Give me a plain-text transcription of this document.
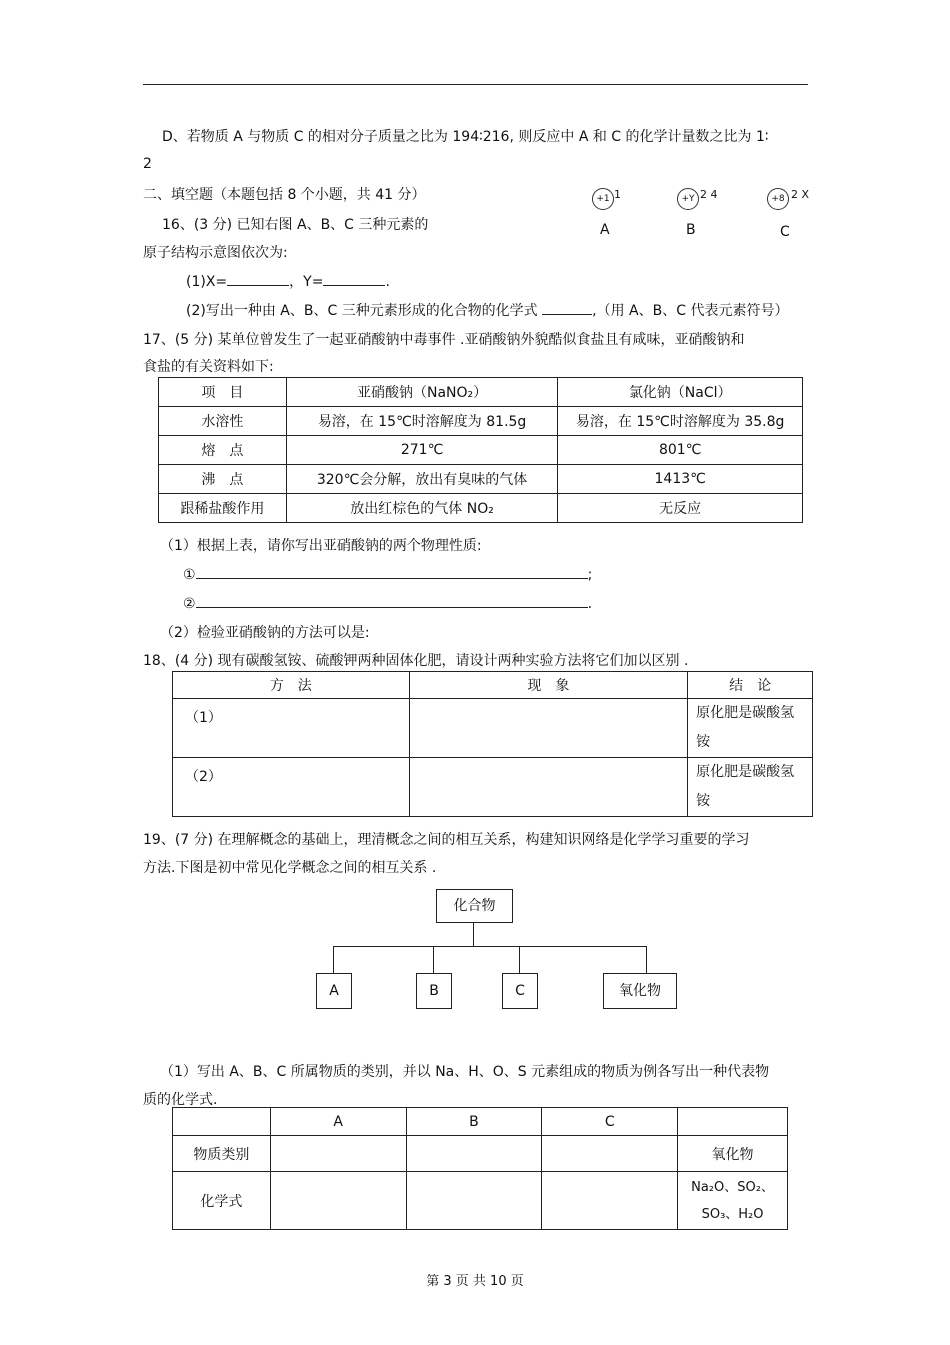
D、若物质 A 与物质 C 的相对分子质量之比为 194∶216, 则反应中 A 和 C 的化学计量数之比为 1∶
2
二、填空题（本题包括 8 个小题，共 41 分）
16、(3 分) 已知右图 A、B、C 三种元素的
原子结构示意图依次为:
+1 1
A
+Y 2 4
B
+8 2 X
C
(1)X=	，Y=	.
(2)写出一种由 A、B、C 三种元素形成的化合物的化学式	,（用 A、B、C 代表元素符号）
17、(5 分) 某单位曾发生了一起亚硝酸钠中毒事件 .亚硝酸钠外貌酷似食盐且有咸味，亚硝酸钠和
食盐的有关资料如下:
项　目	亚硝酸钠（NaNO₂）	氯化钠（NaCl）
水溶性	易溶，在 15℃时溶解度为 81.5g	易溶，在 15℃时溶解度为 35.8g
熔　点	271℃	801℃
沸　点	320℃会分解，放出有臭味的气体	1413℃
跟稀盐酸作用	放出红棕色的气体 NO₂	无反应
（1）根据上表，请你写出亚硝酸钠的两个物理性质:
①	;
②	.
（2）检验亚硝酸钠的方法可以是:
18、(4 分) 现有碳酸氢铵、硫酸钾两种固体化肥，请设计两种实验方法将它们加以区别 .
方　法	现　象	结　论
（1）		原化肥是碳酸氢
铵
（2）		原化肥是碳酸氢
铵
19、(7 分) 在理解概念的基础上，理清概念之间的相互关系，构建知识网络是化学学习重要的学习
方法.下图是初中常见化学概念之间的相互关系 .
化合物
A	B	C	氧化物
（1）写出 A、B、C 所属物质的类别，并以 Na、H、O、S 元素组成的物质为例各写出一种代表物
质的化学式.
	A	B	C	
物质类别				氧化物
化学式				Na₂O、SO₂、
SO₃、H₂O
第 3 页 共 10 页
